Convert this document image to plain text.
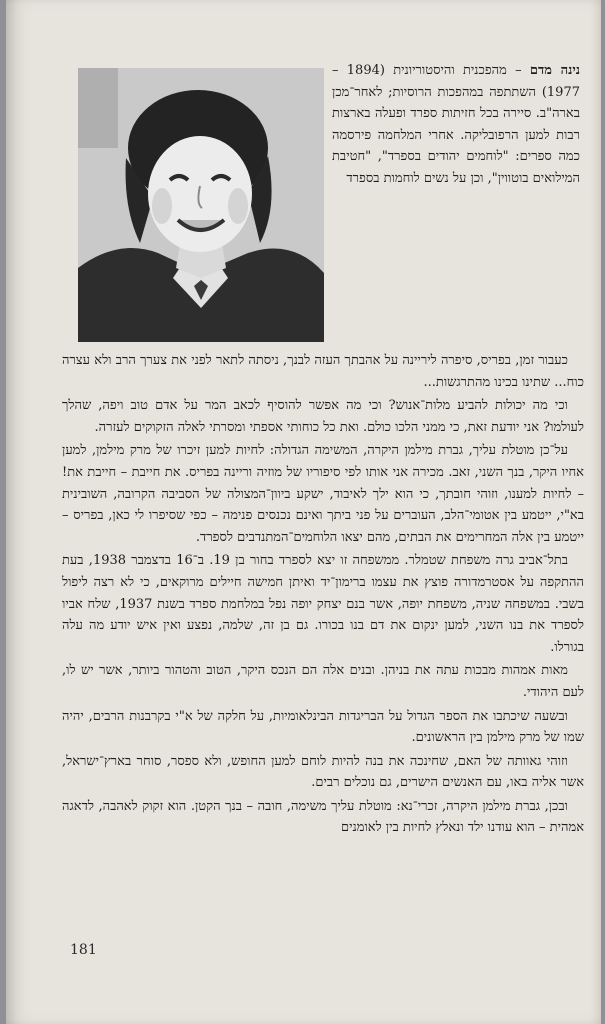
נינה מדם – מהפכנית והיסטוריונית (1894 – 1977) השתתפה במהפכות הרוסיות; לאחר־מכן בארה"ב. סיירה בכל חזיתות ספרד ופעלה בארצות רבות למען הרפובליקה. אחרי המלחמה פירסמה כמה ספרים: "לוחמים יהודים בספרד", "חטיבת המילואים בוטווין", וכן על נשים לוחמות בספרד

כעבור זמן, בפריס, סיפרה ליריינה על אהבתך העזה לבנך, ניסתה לתאר לפני את צערך הרב ולא עצרה כוח... שתינו בכינו מהתרגשות...

וכי מה יכולות להביע מלות־אנוש? וכי מה אפשר להוסיף לכאב המר על אדם טוב ויפה, שהלך לעולמו? אני יודעת זאת, כי ממני הלכו כולם. ואת כל כוחותי אספתי ומסרתי לאלה הזקוקים לעזרה.

על־כן מוטלת עליך, גברת מילמן היקרה, המשימה הגדולה: לחיות למען זיכרו של מרק מילמן, למען אחיו היקר, בנך השני, זאב. מכירה אני אותו לפי סיפוריו של מוזיה וריינה בפריס. את חייבת – חייבת את! – לחיות למענו, וזוהי חובתך, כי הוא ילך לאיבוד, ישקע ביוון־המצולה של הסביבה הקרובה, השובינית בא"י, ייטמע בין אטומי־הלב, העוברים על פני ביתך ואינם נכנסים פנימה – כפי שסיפרו לי כאן, בפריס – ייטמע בין אלה המחרימים את הבתים, מהם יצאו הלוחמים־המתנדבים לספרד.

בתל־אביב גרה משפחת שטמלר. ממשפחה זו יצא לספרד בחור בן 19. ב־16 בדצמבר 1938, בעת ההתקפה על אסטרמדורה פוצץ את עצמו ברימון־יד ואיתן חמישה חיילים מרוקאים, כי לא רצה ליפול בשבי. במשפחה שניה, משפחת יופה, אשר בנם יצחק יופה נפל במלחמת ספרד בשנת 1937, שלח אביו לספרד את בנו השני, למען ינקום את דם בנו בכורו. גם בן זה, שלמה, נפצע ואין איש יודע מה עלה בגורלו.

מאות אמהות מבכות עתה את בניהן. ובנים אלה הם הנכס היקר, הטוב והטהור ביותר, אשר יש לו, לעם היהודי.

ובשעה שיכתבו את הספר הגדול על הבריגדות הבינלאומיות, על חלקה של א"י בקרבנות הרבים, יהיה שמו של מרק מילמן בין הראשונים.

וזוהי גאוותה של האם, שחינכה את בנה להיות לוחם למען החופש, ולא ספסר, סוחר בארץ־ישראל, אשר אליה באו, עם האנשים הישרים, גם נוכלים רבים.

ובכן, גברת מילמן היקרה, זכרי־נא: מוטלת עליך משימה, חובה – בנך הקטן. הוא זקוק לאהבה, לדאגה אמהית – הוא עודנו ילד ונאלץ לחיות בין לאומנים

181
